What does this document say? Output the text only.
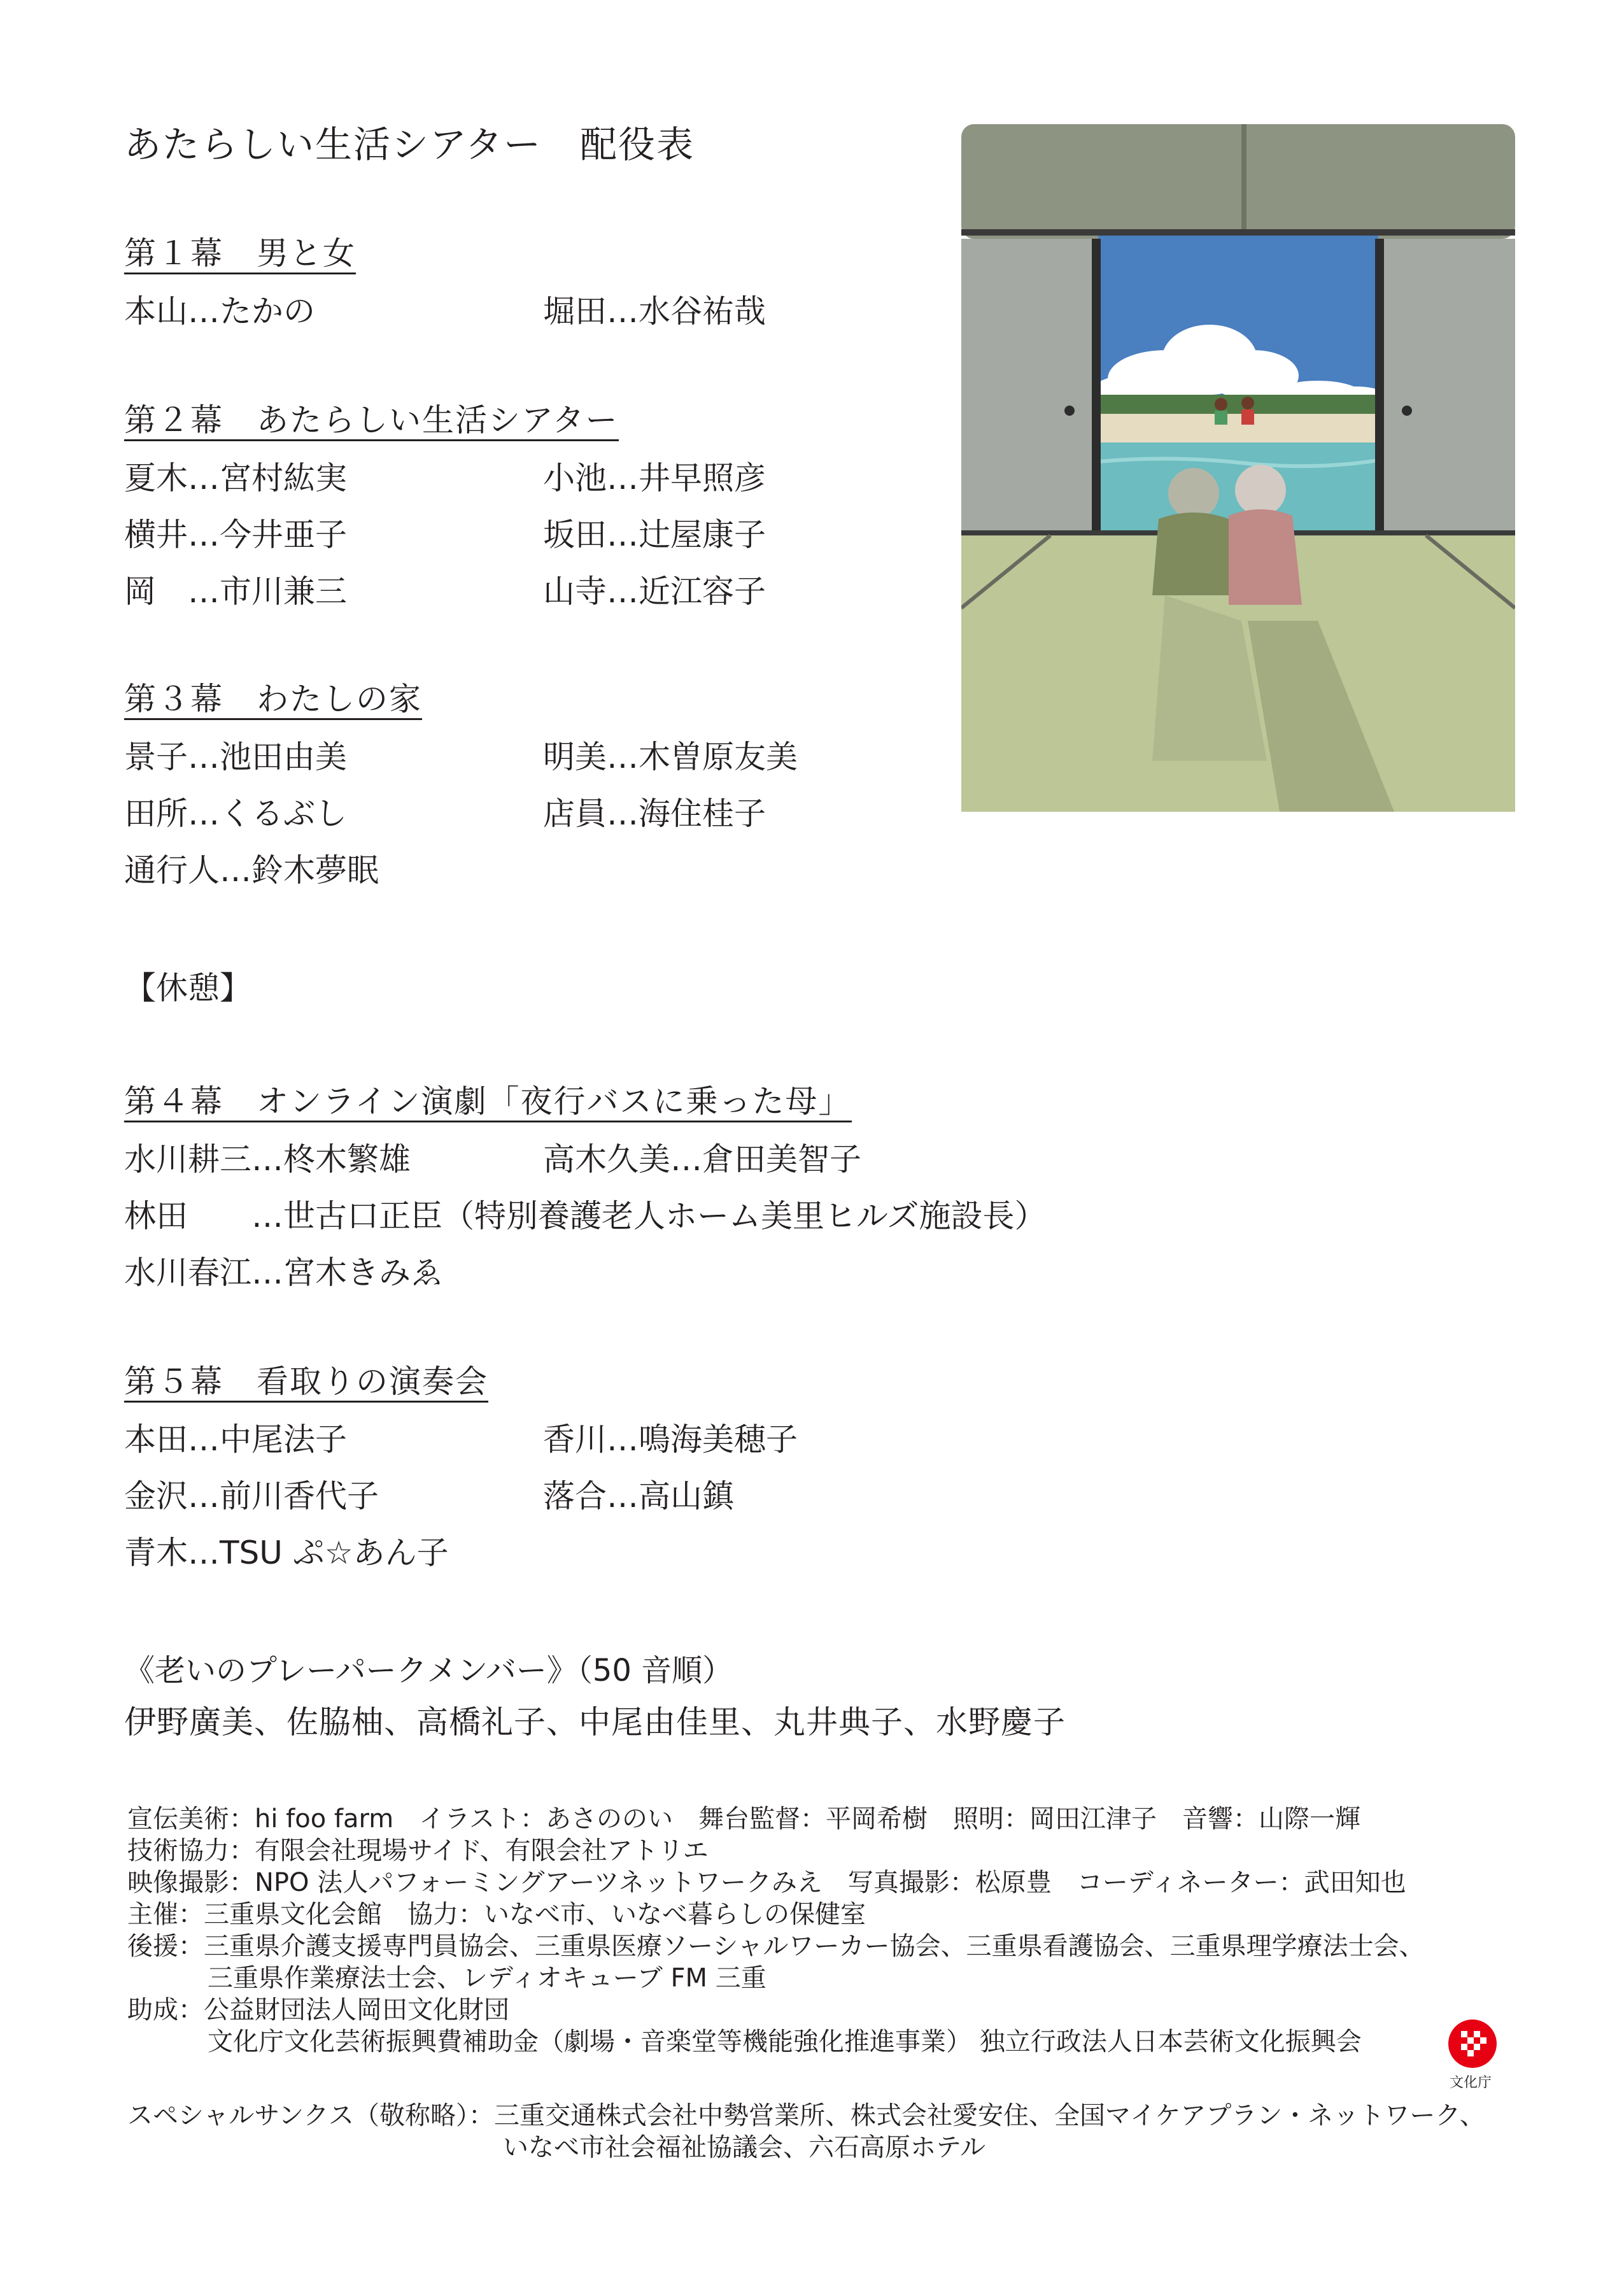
あたらしい生活シアター　配役表
第１幕　男と女
本山…たかの	堀田…水谷祐哉
第２幕　あたらしい生活シアター
夏木…宮村紘実	小池…井早照彦
横井…今井亜子	坂田…辻屋康子
岡　…市川兼三	山寺…近江容子
第３幕　わたしの家
景子…池田由美	明美…木曽原友美
田所…くるぶし	店員…海住桂子
通行人…鈴木夢眠
【休憩】
第４幕　オンライン演劇「夜行バスに乗った母」
水川耕三…柊木繁雄	高木久美…倉田美智子
林田　　…世古口正臣（特別養護老人ホーム美里ヒルズ施設長）
水川春江…宮木きみゑ
第５幕　看取りの演奏会
本田…中尾法子	香川…鳴海美穂子
金沢…前川香代子	落合…高山鎮
青木…TSU ぷ☆あん子
《老いのプレーパークメンバー》（50 音順）
伊野廣美、佐脇柚、高橋礼子、中尾由佳里、丸井典子、水野慶子
宣伝美術：hi foo farm　イラスト：あさののい　舞台監督：平岡希樹　照明：岡田江津子　音響：山際一輝
技術協力：有限会社現場サイド、有限会社アトリエ
映像撮影：NPO 法人パフォーミングアーツネットワークみえ　写真撮影：松原豊　コーディネーター：武田知也
主催：三重県文化会館　協力：いなべ市、いなべ暮らしの保健室
後援：三重県介護支援専門員協会、三重県医療ソーシャルワーカー協会、三重県看護協会、三重県理学療法士会、
三重県作業療法士会、レディオキューブ FM 三重
助成：公益財団法人岡田文化財団
文化庁文化芸術振興費補助金（劇場・音楽堂等機能強化推進事業） 独立行政法人日本芸術文化振興会
スペシャルサンクス（敬称略）：三重交通株式会社中勢営業所、株式会社愛安住、全国マイケアプラン・ネットワーク、
いなべ市社会福祉協議会、六石高原ホテル
文化庁
